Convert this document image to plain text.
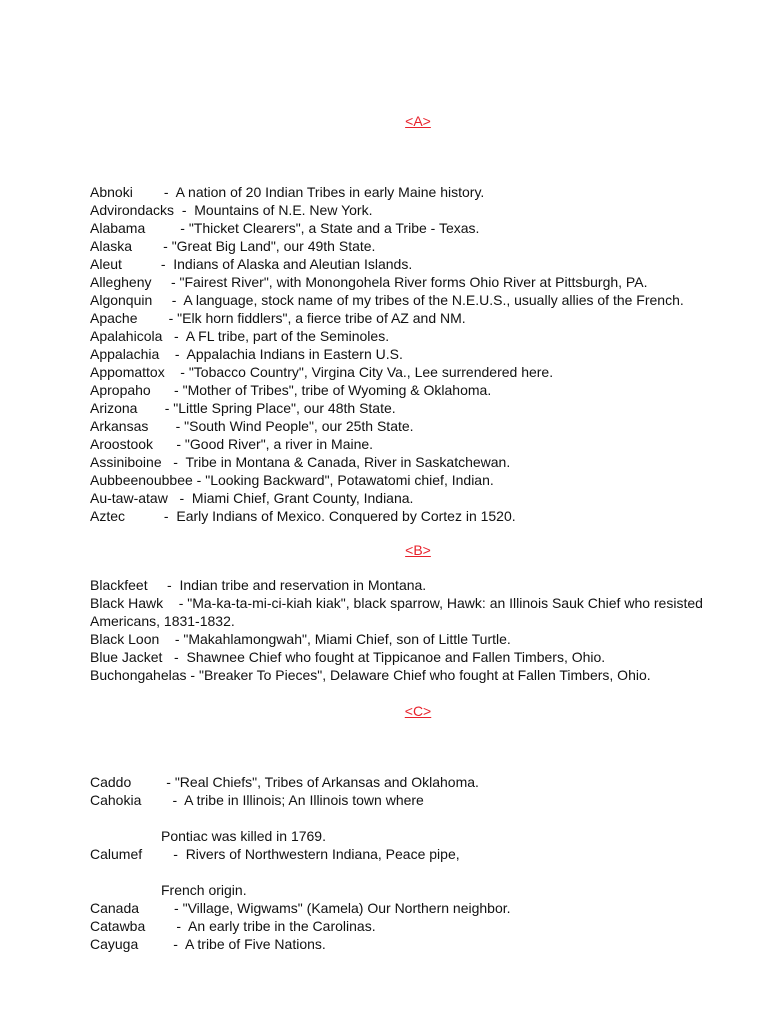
<A>
Abnoki        -  A nation of 20 Indian Tribes in early Maine history.
Advirondacks  -  Mountains of N.E. New York.
Alabama         - "Thicket Clearers", a State and a Tribe - Texas.
Alaska        - "Great Big Land", our 49th State.
Aleut          -  Indians of Alaska and Aleutian Islands.
Allegheny     - "Fairest River", with Monongohela River forms Ohio River at Pittsburgh, PA.
Algonquin     -  A language, stock name of my tribes of the N.E.U.S., usually allies of the French.
Apache        - "Elk horn fiddlers", a fierce tribe of AZ and NM.
Apalahicola   -  A FL tribe, part of the Seminoles.
Appalachia    -  Appalachia Indians in Eastern U.S.
Appomattox    - "Tobacco Country", Virgina City Va., Lee surrendered here.
Apropaho      - "Mother of Tribes", tribe of Wyoming & Oklahoma.
Arizona       - "Little Spring Place", our 48th State.
Arkansas       - "South Wind People", our 25th State.
Aroostook      - "Good River", a river in Maine.
Assiniboine   -  Tribe in Montana & Canada, River in Saskatchewan.
Aubbeenoubbee - "Looking Backward", Potawatomi chief, Indian.
Au-taw-ataw   -  Miami Chief, Grant County, Indiana.
Aztec          -  Early Indians of Mexico. Conquered by Cortez in 1520.
<B>
Blackfeet     -  Indian tribe and reservation in Montana.
Black Hawk    - "Ma-ka-ta-mi-ci-kiah kiak", black sparrow, Hawk: an Illinois Sauk Chief who resisted Americans, 1831-1832.
Black Loon    - "Makahlamongwah", Miami Chief, son of Little Turtle.
Blue Jacket   -  Shawnee Chief who fought at Tippicanoe and Fallen Timbers, Ohio.
Buchongahelas - "Breaker To Pieces", Delaware Chief who fought at Fallen Timbers, Ohio.
<C>
Caddo         - "Real Chiefs", Tribes of Arkansas and Oklahoma.
Cahokia        -  A tribe in Illinois; An Illinois town where

Pontiac was killed in 1769.
Calumef        -  Rivers of Northwestern Indiana, Peace pipe,

French origin.
Canada         - "Village, Wigwams" (Kamela) Our Northern neighbor.
Catawba        -  An early tribe in the Carolinas.
Cayuga         -  A tribe of Five Nations.
